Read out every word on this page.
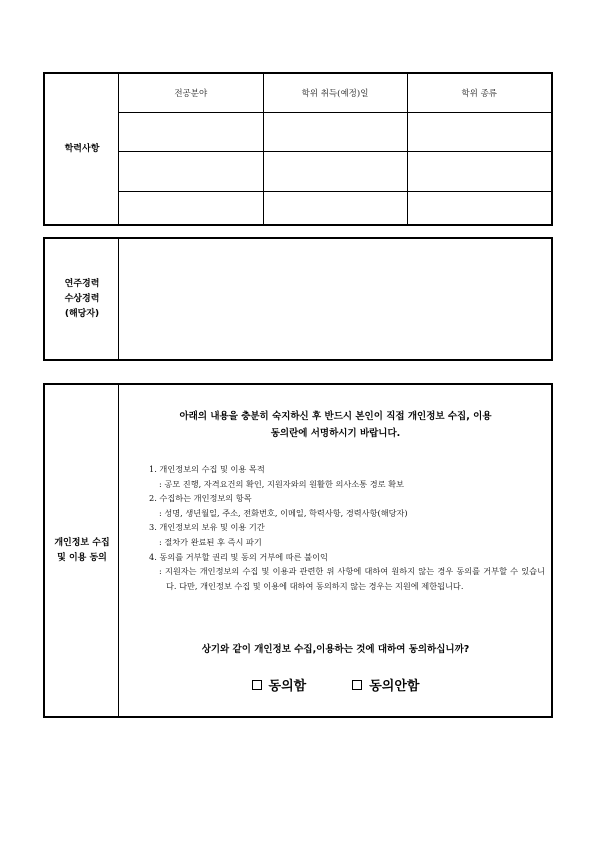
학력사항
전공분야	학위 취득(예정)일	학위 종류

연주경력
수상경력
(해당자)
개인정보 수집
및 이용 동의
아래의 내용을 충분히 숙지하신 후 반드시 본인이 직접 개인정보 수집, 이용
동의란에 서명하시기 바랍니다.
1. 개인정보의 수집 및 이용 목적
: 공모 진행, 자격요건의 확인, 지원자와의 원활한 의사소통 경로 확보
2. 수집하는 개인정보의 항목
: 성명, 생년월일, 주소, 전화번호, 이메일, 학력사항, 경력사항(해당자)
3. 개인정보의 보유 및 이용 기간
: 절차가 완료된 후 즉시 파기
4. 동의를 거부할 권리 및 동의 거부에 따른 불이익
: 지원자는 개인정보의 수집 및 이용과 관련한 위 사항에 대하여 원하지 않는 경우 동의를 거부할 수 있습니다. 다만, 개인정보 수집 및 이용에 대하여 동의하지 않는 경우는 지원에 제한됩니다.
상기와 같이 개인정보 수집,이용하는 것에 대하여 동의하십니까?
동의함	동의안함
